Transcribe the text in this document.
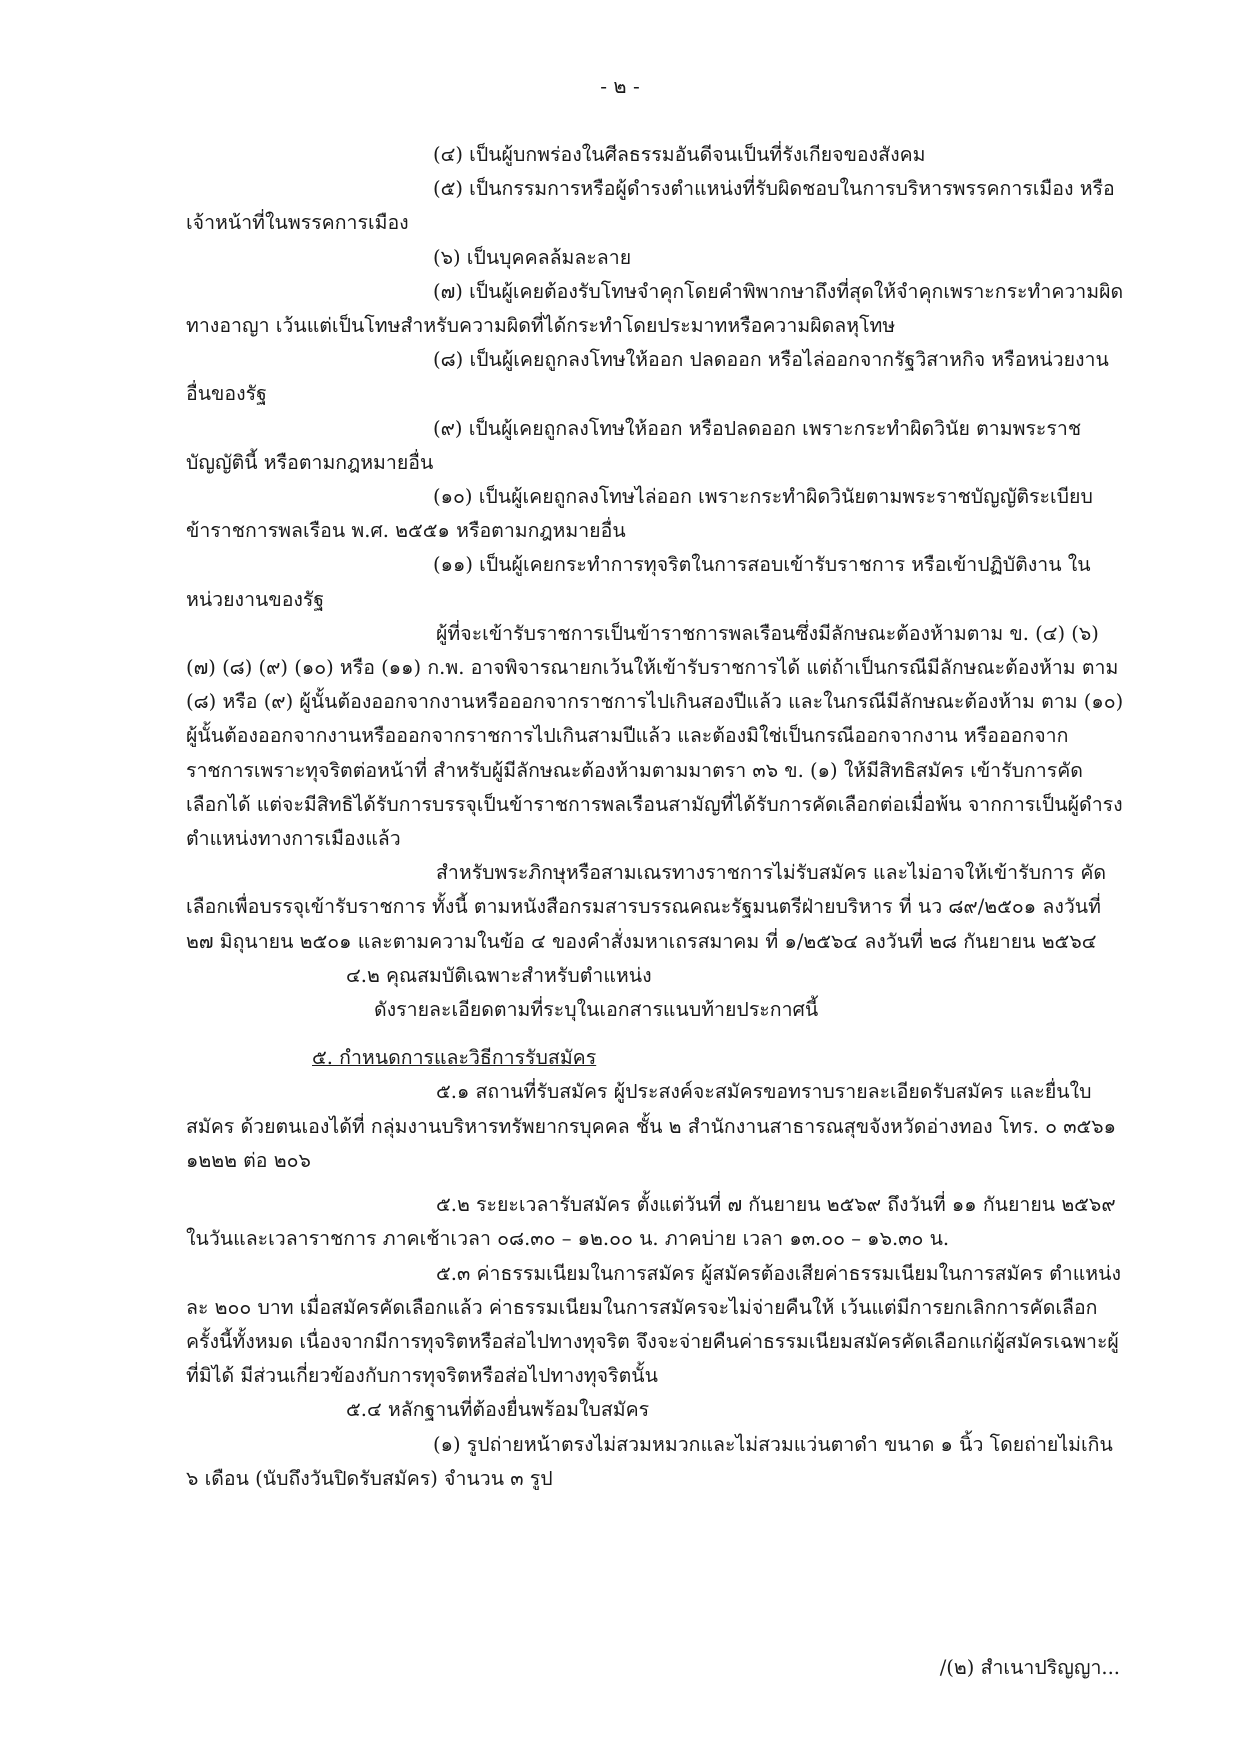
- ๒ -

(๔) เป็นผู้บกพร่องในศีลธรรมอันดีจนเป็นที่รังเกียจของสังคม

(๕) เป็นกรรมการหรือผู้ดำรงตำแหน่งที่รับผิดชอบในการบริหารพรรคการเมือง หรือเจ้าหน้าที่ในพรรคการเมือง

(๖) เป็นบุคคลล้มละลาย

(๗) เป็นผู้เคยต้องรับโทษจำคุกโดยคำพิพากษาถึงที่สุดให้จำคุกเพราะกระทำความผิดทางอาญา เว้นแต่เป็นโทษสำหรับความผิดที่ได้กระทำโดยประมาทหรือความผิดลหุโทษ

(๘) เป็นผู้เคยถูกลงโทษให้ออก ปลดออก หรือไล่ออกจากรัฐวิสาหกิจ หรือหน่วยงานอื่นของรัฐ

(๙) เป็นผู้เคยถูกลงโทษให้ออก หรือปลดออก เพราะกระทำผิดวินัย ตามพระราชบัญญัตินี้ หรือตามกฎหมายอื่น

(๑๐) เป็นผู้เคยถูกลงโทษไล่ออก เพราะกระทำผิดวินัยตามพระราชบัญญัติระเบียบ ข้าราชการพลเรือน พ.ศ. ๒๕๕๑ หรือตามกฎหมายอื่น

(๑๑) เป็นผู้เคยกระทำการทุจริตในการสอบเข้ารับราชการ หรือเข้าปฏิบัติงาน ในหน่วยงานของรัฐ

ผู้ที่จะเข้ารับราชการเป็นข้าราชการพลเรือนซึ่งมีลักษณะต้องห้ามตาม ข. (๔) (๖) (๗) (๘) (๙) (๑๐) หรือ (๑๑) ก.พ. อาจพิจารณายกเว้นให้เข้ารับราชการได้ แต่ถ้าเป็นกรณีมีลักษณะต้องห้าม ตาม (๘) หรือ (๙) ผู้นั้นต้องออกจากงานหรือออกจากราชการไปเกินสองปีแล้ว และในกรณีมีลักษณะต้องห้าม ตาม (๑๐) ผู้นั้นต้องออกจากงานหรือออกจากราชการไปเกินสามปีแล้ว และต้องมิใช่เป็นกรณีออกจากงาน หรือออกจากราชการเพราะทุจริตต่อหน้าที่ สำหรับผู้มีลักษณะต้องห้ามตามมาตรา ๓๖ ข. (๑) ให้มีสิทธิสมัคร เข้ารับการคัดเลือกได้ แต่จะมีสิทธิได้รับการบรรจุเป็นข้าราชการพลเรือนสามัญที่ได้รับการคัดเลือกต่อเมื่อพ้น จากการเป็นผู้ดำรงตำแหน่งทางการเมืองแล้ว

สำหรับพระภิกษุหรือสามเณรทางราชการไม่รับสมัคร และไม่อาจให้เข้ารับการ คัดเลือกเพื่อบรรจุเข้ารับราชการ ทั้งนี้ ตามหนังสือกรมสารบรรณคณะรัฐมนตรีฝ่ายบริหาร ที่ นว ๘๙/๒๕๐๑ ลงวันที่ ๒๗ มิถุนายน ๒๕๐๑ และตามความในข้อ ๔ ของคำสั่งมหาเถรสมาคม ที่ ๑/๒๕๖๔ ลงวันที่ ๒๘ กันยายน ๒๕๖๔

๔.๒ คุณสมบัติเฉพาะสำหรับตำแหน่ง

ดังรายละเอียดตามที่ระบุในเอกสารแนบท้ายประกาศนี้

๕. กำหนดการและวิธีการรับสมัคร

๕.๑ สถานที่รับสมัคร ผู้ประสงค์จะสมัครขอทราบรายละเอียดรับสมัคร และยื่นใบสมัคร ด้วยตนเองได้ที่ กลุ่มงานบริหารทรัพยากรบุคคล ชั้น ๒ สำนักงานสาธารณสุขจังหวัดอ่างทอง โทร. ๐ ๓๕๖๑ ๑๒๒๒ ต่อ ๒๐๖

๕.๒ ระยะเวลารับสมัคร ตั้งแต่วันที่ ๗ กันยายน ๒๕๖๙ ถึงวันที่ ๑๑ กันยายน ๒๕๖๙ ในวันและเวลาราชการ ภาคเช้าเวลา ๐๘.๓๐ – ๑๒.๐๐ น. ภาคบ่าย เวลา ๑๓.๐๐ – ๑๖.๓๐ น.

๕.๓ ค่าธรรมเนียมในการสมัคร ผู้สมัครต้องเสียค่าธรรมเนียมในการสมัคร ตำแหน่งละ ๒๐๐ บาท เมื่อสมัครคัดเลือกแล้ว ค่าธรรมเนียมในการสมัครจะไม่จ่ายคืนให้ เว้นแต่มีการยกเลิกการคัดเลือกครั้งนี้ทั้งหมด เนื่องจากมีการทุจริตหรือส่อไปทางทุจริต จึงจะจ่ายคืนค่าธรรมเนียมสมัครคัดเลือกแก่ผู้สมัครเฉพาะผู้ที่มิได้ มีส่วนเกี่ยวข้องกับการทุจริตหรือส่อไปทางทุจริตนั้น

๕.๔ หลักฐานที่ต้องยื่นพร้อมใบสมัคร

(๑) รูปถ่ายหน้าตรงไม่สวมหมวกและไม่สวมแว่นตาดำ ขนาด ๑ นิ้ว โดยถ่ายไม่เกิน ๖ เดือน (นับถึงวันปิดรับสมัคร) จำนวน ๓ รูป

/(๒) สำเนาปริญญา...
